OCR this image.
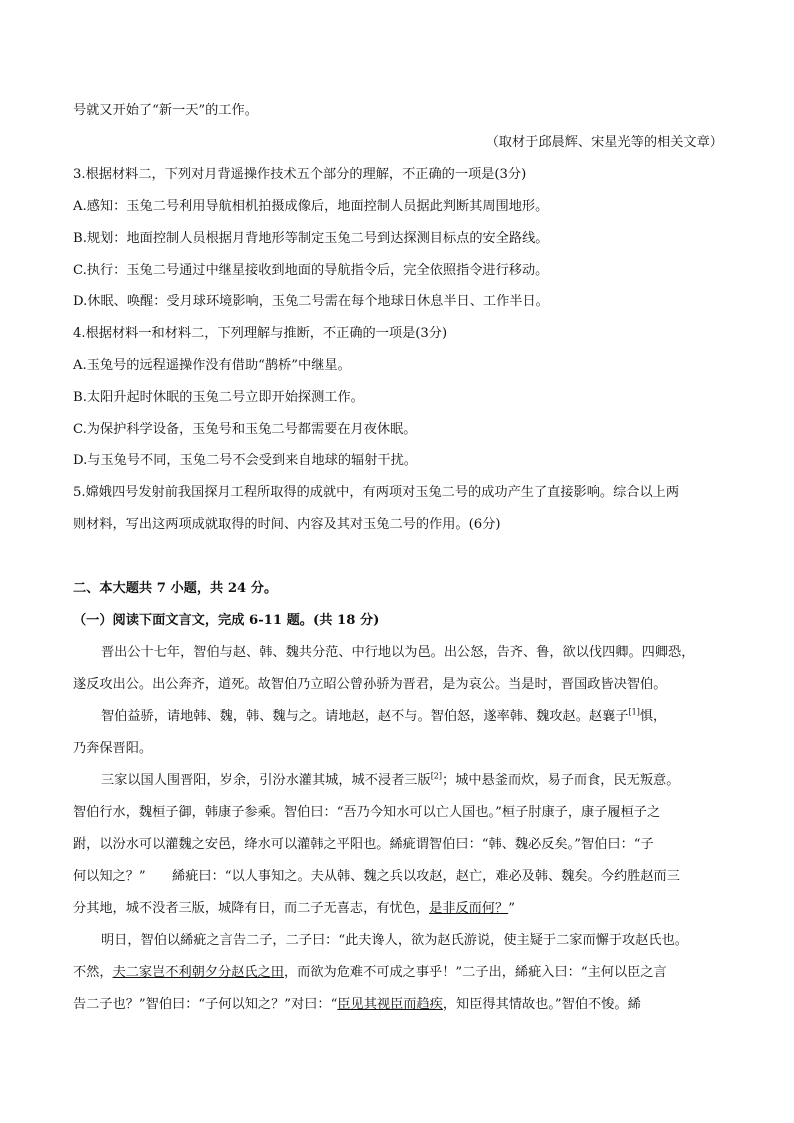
号就又开始了“新一天”的工作。
（取材于邱晨辉、宋星光等的相关文章）
3.根据材料二，下列对月背遥操作技术五个部分的理解，不正确的一项是(3分)
A.感知：玉兔二号利用导航相机拍摄成像后，地面控制人员据此判断其周围地形。
B.规划：地面控制人员根据月背地形等制定玉兔二号到达探测目标点的安全路线。
C.执行：玉兔二号通过中继星接收到地面的导航指令后，完全依照指令进行移动。
D.休眠、唤醒：受月球环境影响，玉兔二号需在每个地球日休息半日、工作半日。
4.根据材料一和材料二，下列理解与推断，不正确的一项是(3分)
A.玉兔号的远程遥操作没有借助“鹊桥”中继星。
B.太阳升起时休眠的玉兔二号立即开始探测工作。
C.为保护科学设备，玉兔号和玉兔二号都需要在月夜休眠。
D.与玉兔号不同，玉兔二号不会受到来自地球的辐射干扰。
5.嫦娥四号发射前我国探月工程所取得的成就中，有两项对玉兔二号的成功产生了直接影响。综合以上两
则材料，写出这两项成就取得的时间、内容及其对玉兔二号的作用。(6分)
二、本大题共 7 小题，共 24 分。
（一）阅读下面文言文，完成 6-11 题。(共 18 分)
晋出公十七年，智伯与赵、韩、魏共分范、中行地以为邑。出公怒，告齐、鲁，欲以伐四卿。四卿恐，
遂反攻出公。出公奔齐，道死。故智伯乃立昭公曾孙骄为晋君，是为哀公。当是时，晋国政皆决智伯。
智伯益骄，请地韩、魏，韩、魏与之。请地赵，赵不与。智伯怒，遂率韩、魏攻赵。赵襄子[1]惧，
乃奔保晋阳。
三家以国人围晋阳，岁余，引汾水灌其城，城不浸者三版[2]；城中悬釜而炊，易子而食，民无叛意。
智伯行水，魏桓子御，韩康子参乘。智伯曰：“吾乃今知水可以亡人国也。”桓子肘康子，康子履桓子之
跗，以汾水可以灌魏之安邑，绛水可以灌韩之平阳也。絺疵谓智伯曰：“韩、魏必反矣。”智伯曰：“子
何以知之？”　　絺疵曰：“以人事知之。夫从韩、魏之兵以攻赵，赵亡，难必及韩、魏矣。今约胜赵而三
分其地，城不没者三版，城降有日，而二子无喜志，有忧色，是非反而何？”
明日，智伯以絺疵之言告二子，二子曰：“此夫谗人，欲为赵氏游说，使主疑于二家而懈于攻赵氏也。
不然，夫二家岂不利朝夕分赵氏之田，而欲为危难不可成之事乎！”二子出，絺疵入曰：“主何以臣之言
告二子也？”智伯曰：“子何以知之？”对曰：“臣见其视臣而趋疾，知臣得其情故也。”智伯不悛。絺
